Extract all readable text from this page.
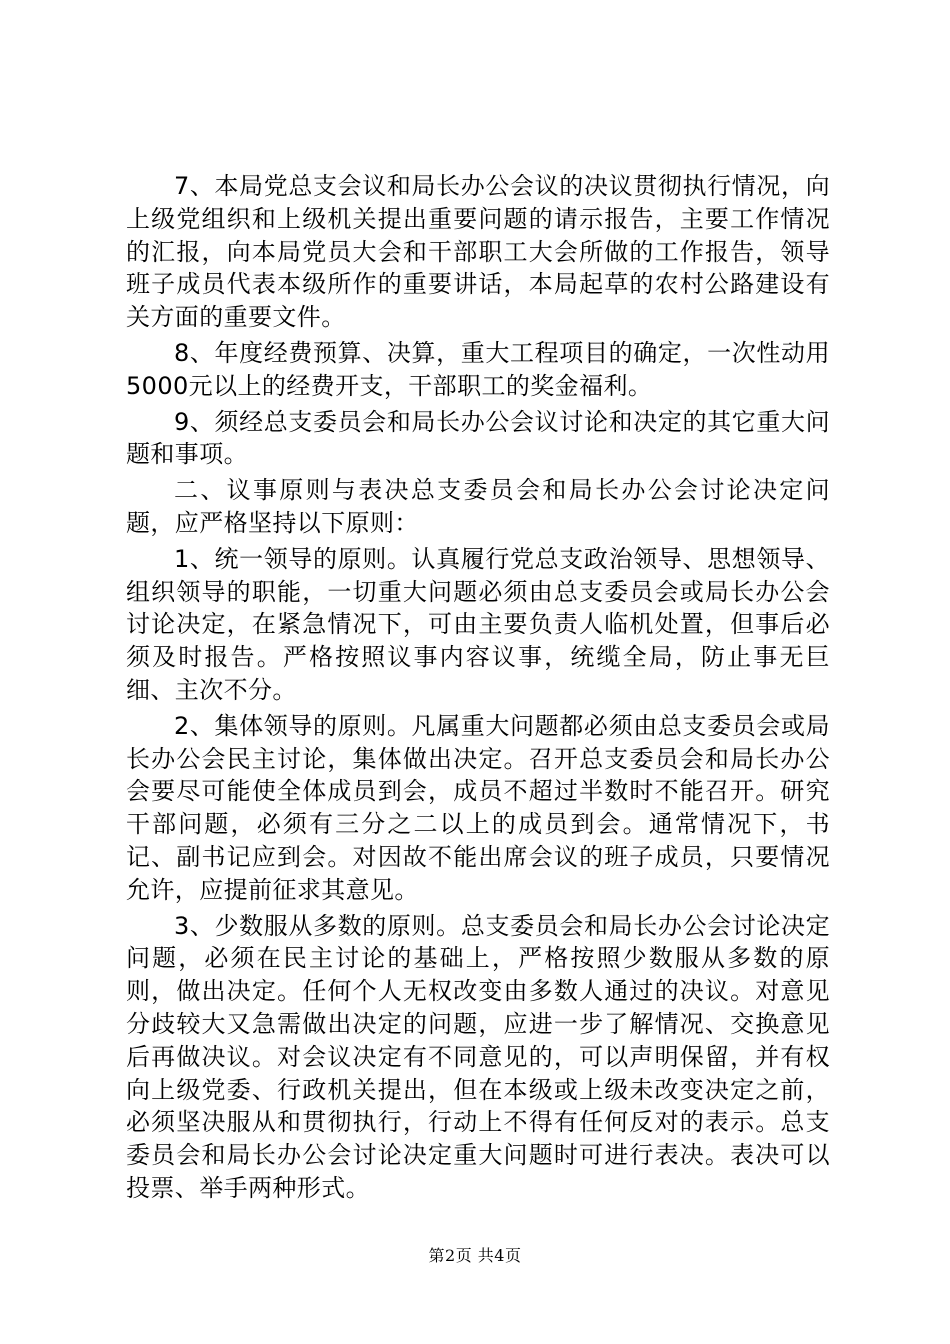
7、本局党总支会议和局长办公会议的决议贯彻执行情况，向上级党组织和上级机关提出重要问题的请示报告，主要工作情况的汇报，向本局党员大会和干部职工大会所做的工作报告，领导班子成员代表本级所作的重要讲话，本局起草的农村公路建设有关方面的重要文件。

8、年度经费预算、决算，重大工程项目的确定，一次性动用5000元以上的经费开支，干部职工的奖金福利。

9、须经总支委员会和局长办公会议讨论和决定的其它重大问题和事项。

二、议事原则与表决总支委员会和局长办公会讨论决定问题，应严格坚持以下原则：

1、统一领导的原则。认真履行党总支政治领导、思想领导、组织领导的职能，一切重大问题必须由总支委员会或局长办公会讨论决定，在紧急情况下，可由主要负责人临机处置，但事后必须及时报告。严格按照议事内容议事，统缆全局，防止事无巨细、主次不分。

2、集体领导的原则。凡属重大问题都必须由总支委员会或局长办公会民主讨论，集体做出决定。召开总支委员会和局长办公会要尽可能使全体成员到会，成员不超过半数时不能召开。研究干部问题，必须有三分之二以上的成员到会。通常情况下，书记、副书记应到会。对因故不能出席会议的班子成员，只要情况允许，应提前征求其意见。

3、少数服从多数的原则。总支委员会和局长办公会讨论决定问题，必须在民主讨论的基础上，严格按照少数服从多数的原则，做出决定。任何个人无权改变由多数人通过的决议。对意见分歧较大又急需做出决定的问题，应进一步了解情况、交换意见后再做决议。对会议决定有不同意见的，可以声明保留，并有权向上级党委、行政机关提出，但在本级或上级未改变决定之前，必须坚决服从和贯彻执行，行动上不得有任何反对的表示。总支委员会和局长办公会讨论决定重大问题时可进行表决。表决可以投票、举手两种形式。

第2页 共4页
